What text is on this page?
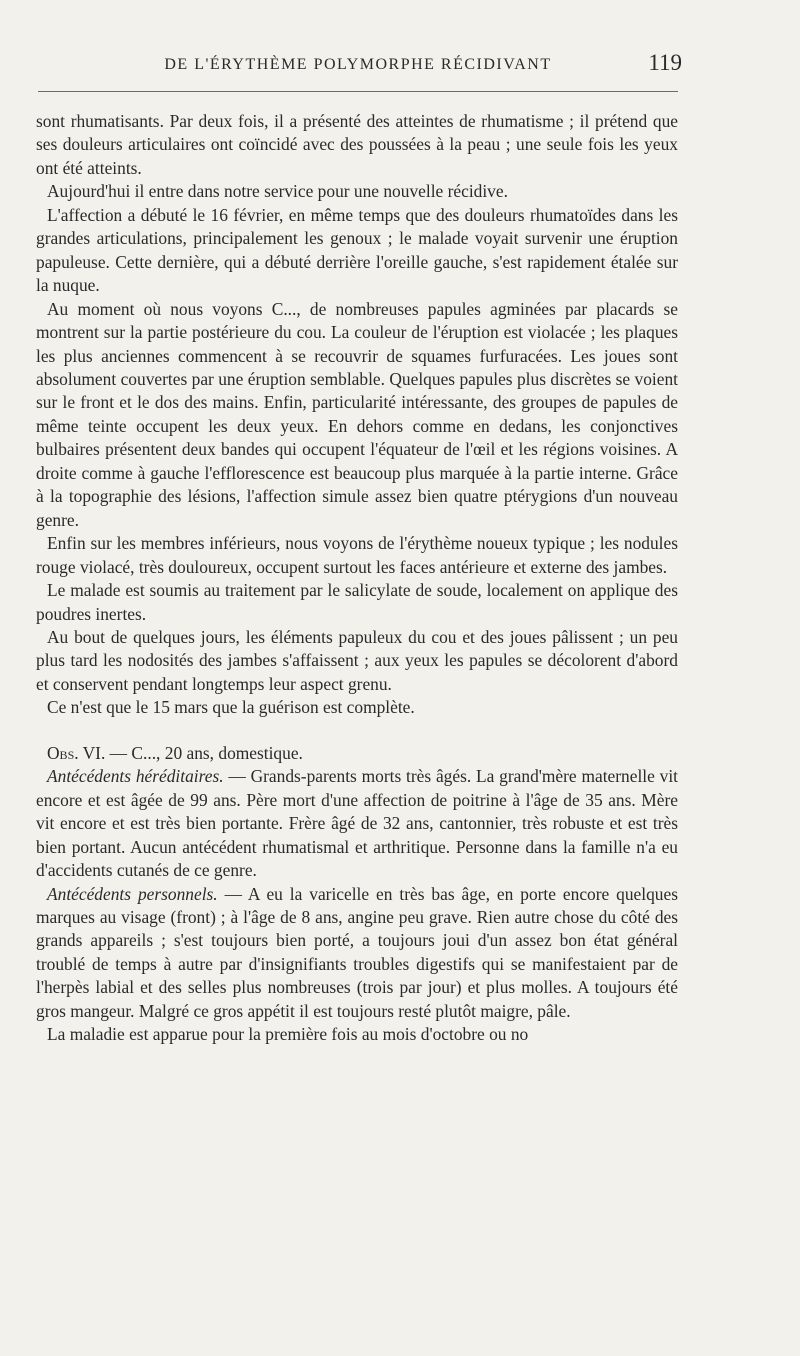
DE L'ÉRYTHÈME POLYMORPHE RÉCIDIVANT	119

sont rhumatisants. Par deux fois, il a présenté des atteintes de rhumatisme ; il prétend que ses douleurs articulaires ont coïncidé avec des poussées à la peau ; une seule fois les yeux ont été atteints.

Aujourd'hui il entre dans notre service pour une nouvelle récidive.

L'affection a débuté le 16 février, en même temps que des douleurs rhumatoïdes dans les grandes articulations, principalement les genoux ; le malade voyait survenir une éruption papuleuse. Cette dernière, qui a débuté derrière l'oreille gauche, s'est rapidement étalée sur la nuque.

Au moment où nous voyons C..., de nombreuses papules agminées par placards se montrent sur la partie postérieure du cou. La couleur de l'éruption est violacée ; les plaques les plus anciennes commencent à se recouvrir de squames furfuracées. Les joues sont absolument couvertes par une éruption semblable. Quelques papules plus discrètes se voient sur le front et le dos des mains. Enfin, particularité intéressante, des groupes de papules de même teinte occupent les deux yeux. En dehors comme en dedans, les conjonctives bulbaires présentent deux bandes qui occupent l'équateur de l'œil et les régions voisines. A droite comme à gauche l'efflorescence est beaucoup plus marquée à la partie interne. Grâce à la topographie des lésions, l'affection simule assez bien quatre ptérygions d'un nouveau genre.

Enfin sur les membres inférieurs, nous voyons de l'érythème noueux typique ; les nodules rouge violacé, très douloureux, occupent surtout les faces antérieure et externe des jambes.

Le malade est soumis au traitement par le salicylate de soude, localement on applique des poudres inertes.

Au bout de quelques jours, les éléments papuleux du cou et des joues pâlissent ; un peu plus tard les nodosités des jambes s'affaissent ; aux yeux les papules se décolorent d'abord et conservent pendant longtemps leur aspect grenu.

Ce n'est que le 15 mars que la guérison est complète.

Obs. VI. — C..., 20 ans, domestique.

Antécédents héréditaires. — Grands-parents morts très âgés. La grand'mère maternelle vit encore et est âgée de 99 ans. Père mort d'une affection de poitrine à l'âge de 35 ans. Mère vit encore et est très bien portante. Frère âgé de 32 ans, cantonnier, très robuste et est très bien portant. Aucun antécédent rhumatismal et arthritique. Personne dans la famille n'a eu d'accidents cutanés de ce genre.

Antécédents personnels. — A eu la varicelle en très bas âge, en porte encore quelques marques au visage (front) ; à l'âge de 8 ans, angine peu grave. Rien autre chose du côté des grands appareils ; s'est toujours bien porté, a toujours joui d'un assez bon état général troublé de temps à autre par d'insignifiants troubles digestifs qui se manifestaient par de l'herpès labial et des selles plus nombreuses (trois par jour) et plus molles. A toujours été gros mangeur. Malgré ce gros appétit il est toujours resté plutôt maigre, pâle.

La maladie est apparue pour la première fois au mois d'octobre ou no
